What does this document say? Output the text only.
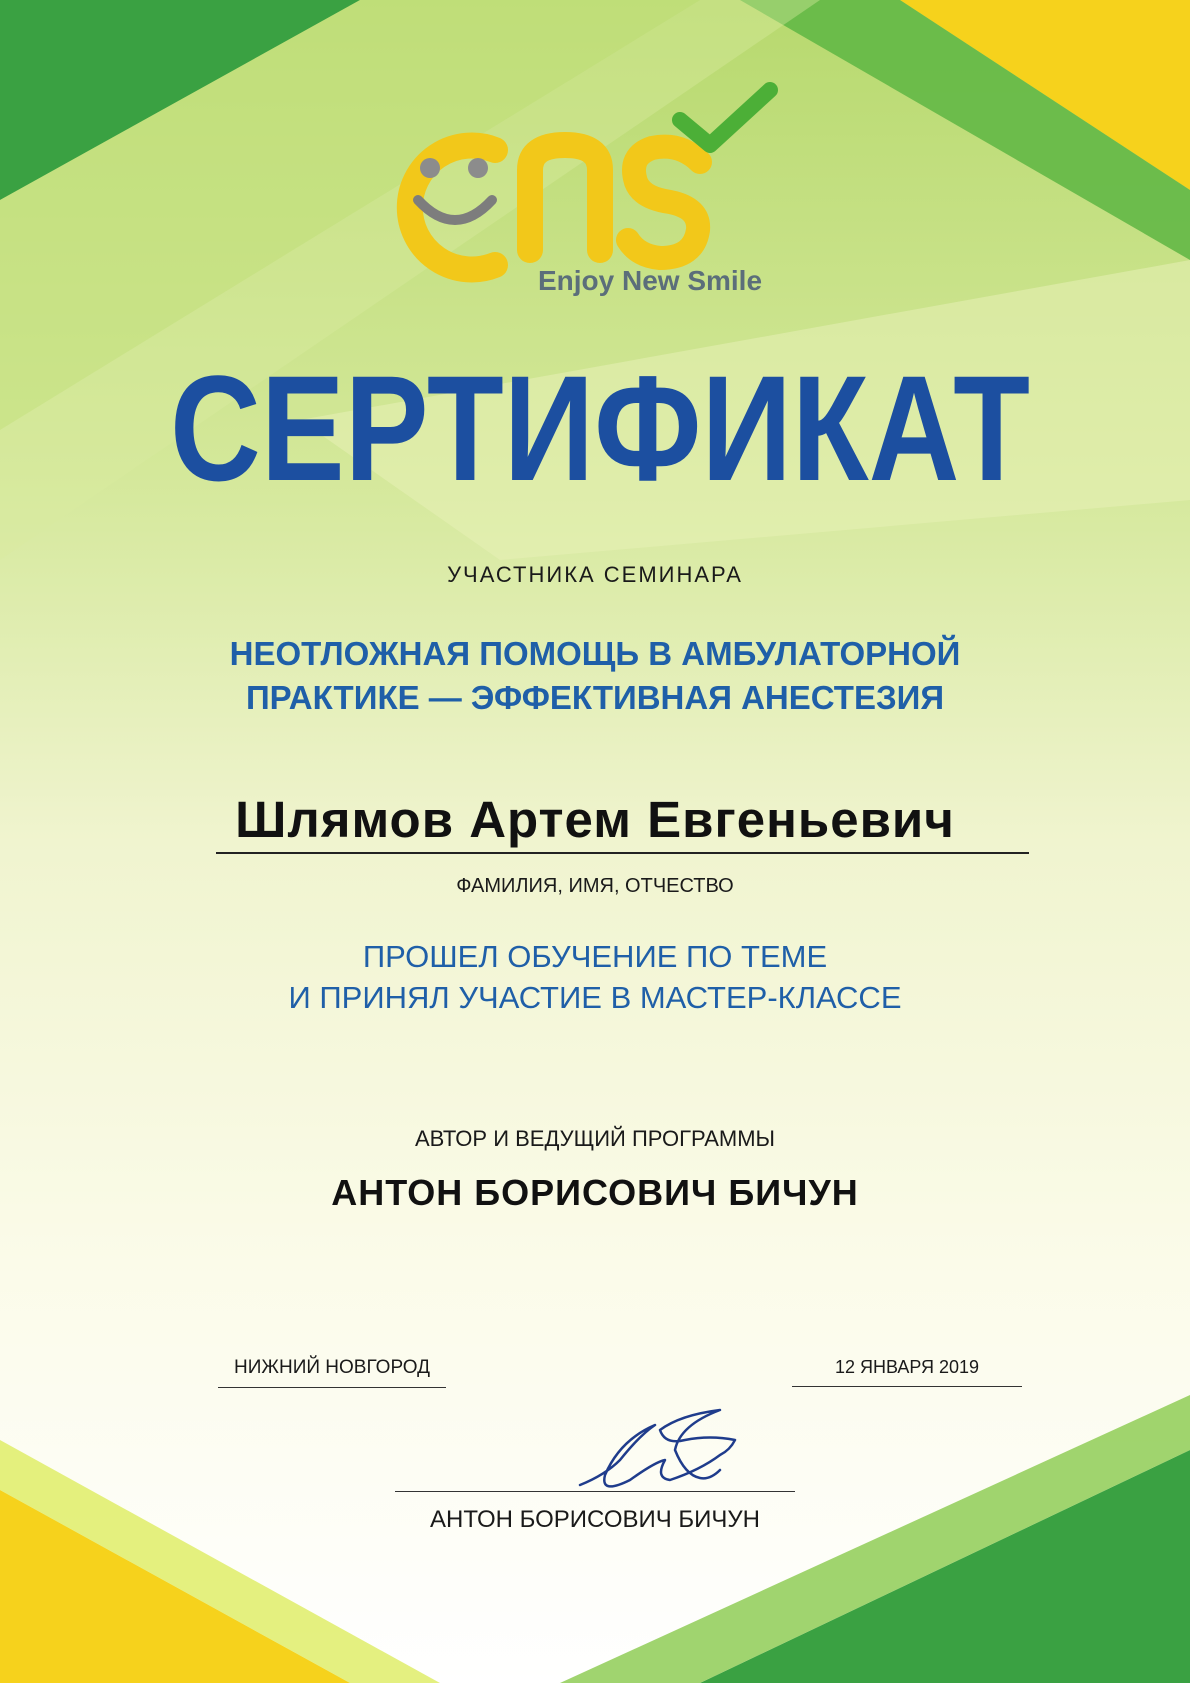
Enjoy New Smile
СЕРТИФИКАТ
УЧАСТНИКА СЕМИНАРА
НЕОТЛОЖНАЯ ПОМОЩЬ В АМБУЛАТОРНОЙ
ПРАКТИКЕ — ЭФФЕКТИВНАЯ АНЕСТЕЗИЯ
Шлямов Артем Евгеньевич
ФАМИЛИЯ, ИМЯ, ОТЧЕСТВО
ПРОШЕЛ ОБУЧЕНИЕ ПО ТЕМЕ
И ПРИНЯЛ УЧАСТИЕ В МАСТЕР-КЛАССЕ
АВТОР И ВЕДУЩИЙ ПРОГРАММЫ
АНТОН БОРИСОВИЧ БИЧУН
НИЖНИЙ НОВГОРОД	12 ЯНВАРЯ 2019
АНТОН БОРИСОВИЧ БИЧУН
